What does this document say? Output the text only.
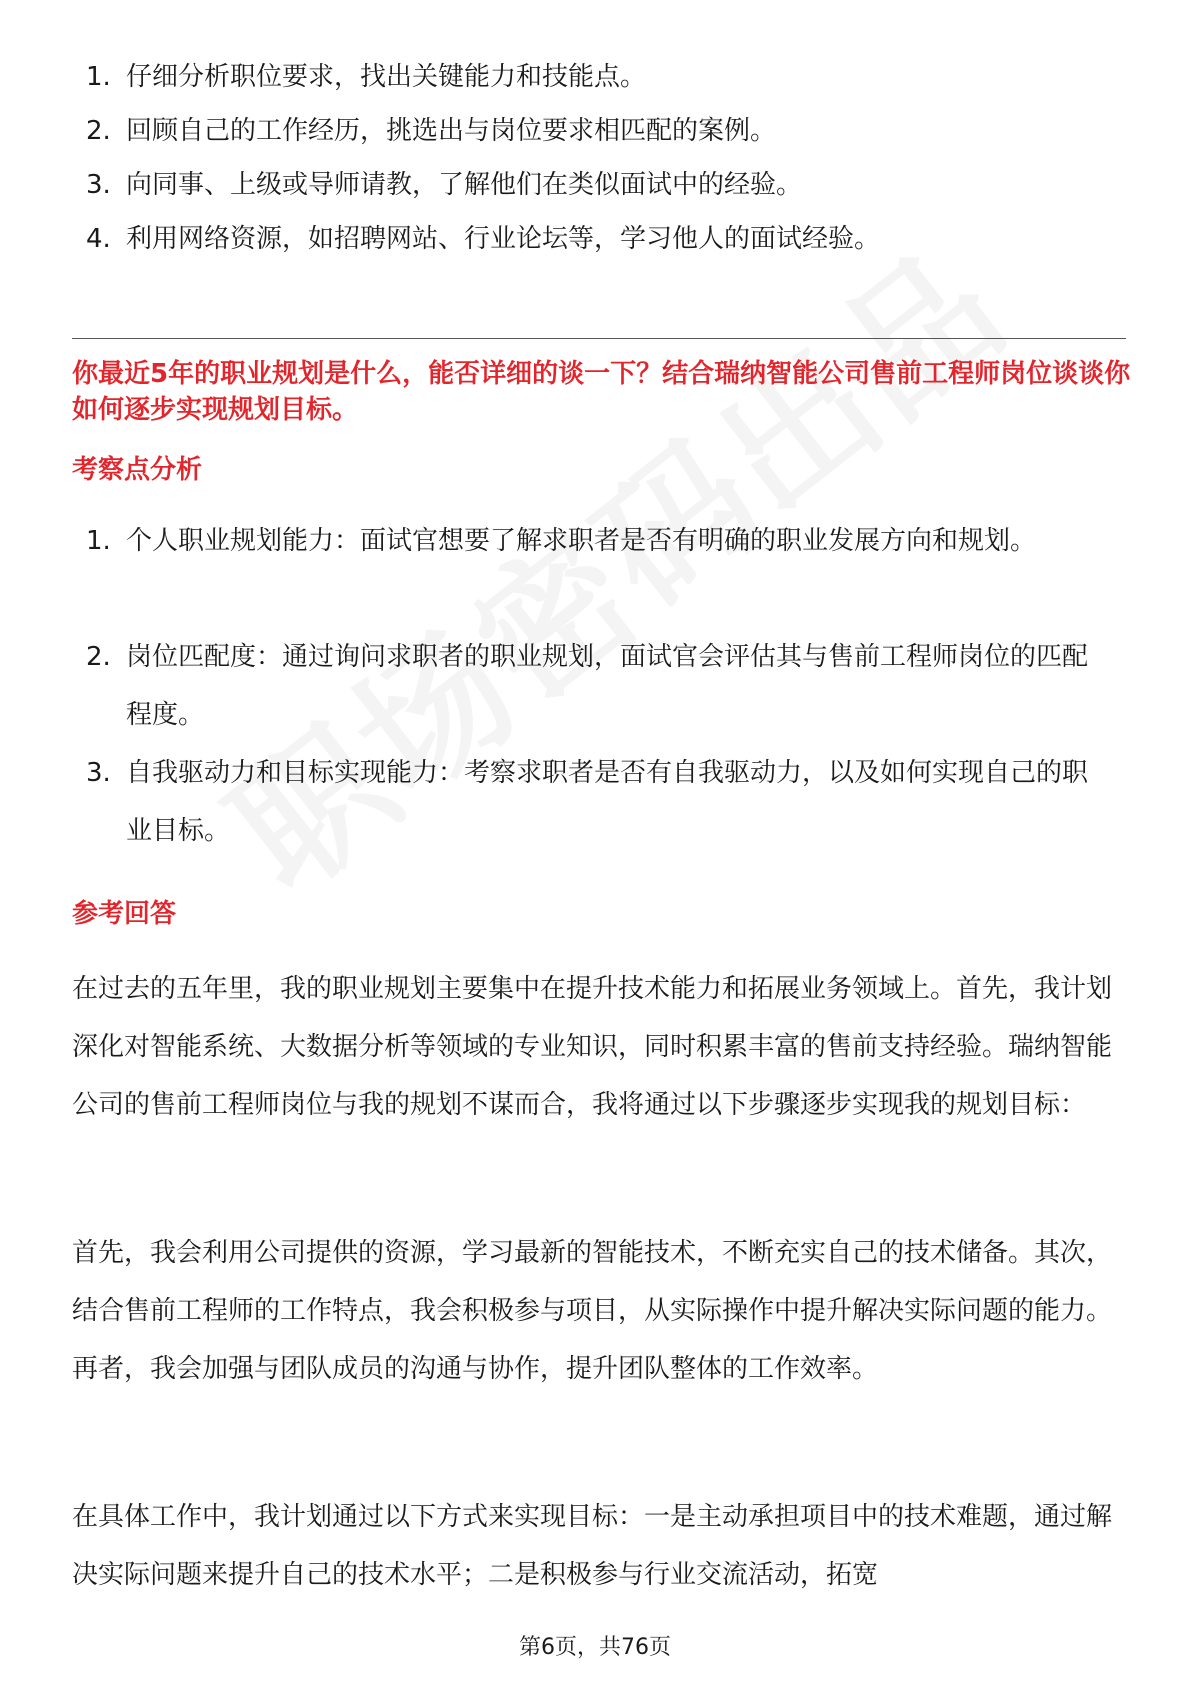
1. 仔细分析职位要求，找出关键能力和技能点。
2. 回顾自己的工作经历，挑选出与岗位要求相匹配的案例。
3. 向同事、上级或导师请教，了解他们在类似面试中的经验。
4. 利用网络资源，如招聘网站、行业论坛等，学习他人的面试经验。
你最近5年的职业规划是什么，能否详细的谈一下？结合瑞纳智能公司售前工程师岗位谈谈你如何逐步实现规划目标。
考察点分析
1. 个人职业规划能力：面试官想要了解求职者是否有明确的职业发展方向和规划。
2. 岗位匹配度：通过询问求职者的职业规划，面试官会评估其与售前工程师岗位的匹配程度。
3. 自我驱动力和目标实现能力：考察求职者是否有自我驱动力，以及如何实现自己的职业目标。
参考回答
在过去的五年里，我的职业规划主要集中在提升技术能力和拓展业务领域上。首先，我计划深化对智能系统、大数据分析等领域的专业知识，同时积累丰富的售前支持经验。瑞纳智能公司的售前工程师岗位与我的规划不谋而合，我将通过以下步骤逐步实现我的规划目标：
首先，我会利用公司提供的资源，学习最新的智能技术，不断充实自己的技术储备。其次，结合售前工程师的工作特点，我会积极参与项目，从实际操作中提升解决实际问题的能力。再者，我会加强与团队成员的沟通与协作，提升团队整体的工作效率。
在具体工作中，我计划通过以下方式来实现目标：一是主动承担项目中的技术难题，通过解决实际问题来提升自己的技术水平；二是积极参与行业交流活动，拓宽
第6页，共76页
